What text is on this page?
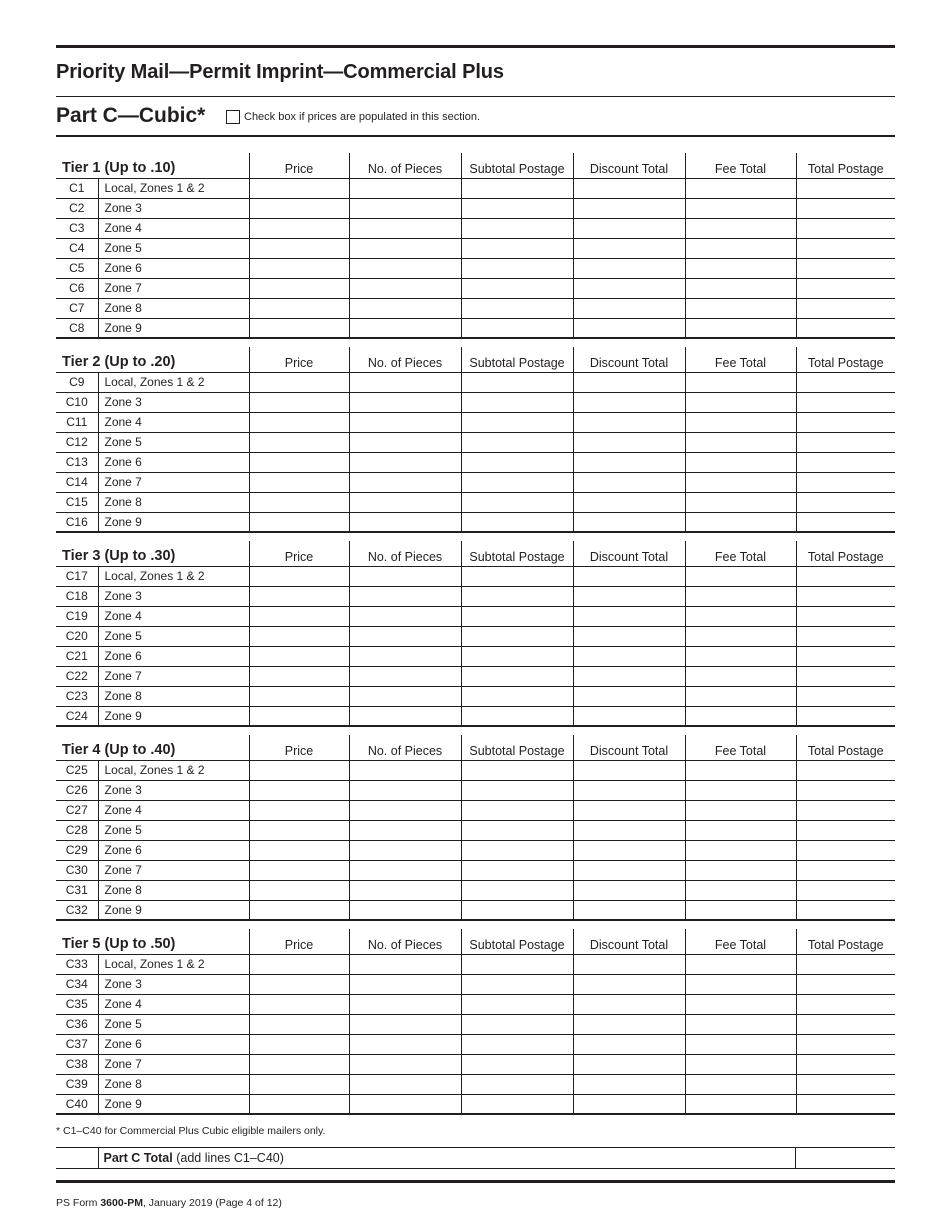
Priority Mail—Permit Imprint—Commercial Plus
Part C—Cubic*	Check box if prices are populated in this section.
Tier 1 (Up to .10)		Price	No. of Pieces	Subtotal Postage	Discount Total	Fee Total	Total Postage
C1	Local, Zones 1 & 2						
C2	Zone 3						
C3	Zone 4						
C4	Zone 5						
C5	Zone 6						
C6	Zone 7						
C7	Zone 8						
C8	Zone 9						
Tier 2 (Up to .20)		Price	No. of Pieces	Subtotal Postage	Discount Total	Fee Total	Total Postage
C9	Local, Zones 1 & 2						
C10	Zone 3						
C11	Zone 4						
C12	Zone 5						
C13	Zone 6						
C14	Zone 7						
C15	Zone 8						
C16	Zone 9						
Tier 3 (Up to .30)		Price	No. of Pieces	Subtotal Postage	Discount Total	Fee Total	Total Postage
C17	Local, Zones 1 & 2						
C18	Zone 3						
C19	Zone 4						
C20	Zone 5						
C21	Zone 6						
C22	Zone 7						
C23	Zone 8						
C24	Zone 9						
Tier 4 (Up to .40)		Price	No. of Pieces	Subtotal Postage	Discount Total	Fee Total	Total Postage
C25	Local, Zones 1 & 2						
C26	Zone 3						
C27	Zone 4						
C28	Zone 5						
C29	Zone 6						
C30	Zone 7						
C31	Zone 8						
C32	Zone 9						
Tier 5 (Up to .50)		Price	No. of Pieces	Subtotal Postage	Discount Total	Fee Total	Total Postage
C33	Local, Zones 1 & 2						
C34	Zone 3						
C35	Zone 4						
C36	Zone 5						
C37	Zone 6						
C38	Zone 7						
C39	Zone 8						
C40	Zone 9						
* C1–C40 for Commercial Plus Cubic eligible mailers only.
	Part C Total (add lines C1–C40)	
PS Form 3600-PM, January 2019 (Page 4 of 12)
